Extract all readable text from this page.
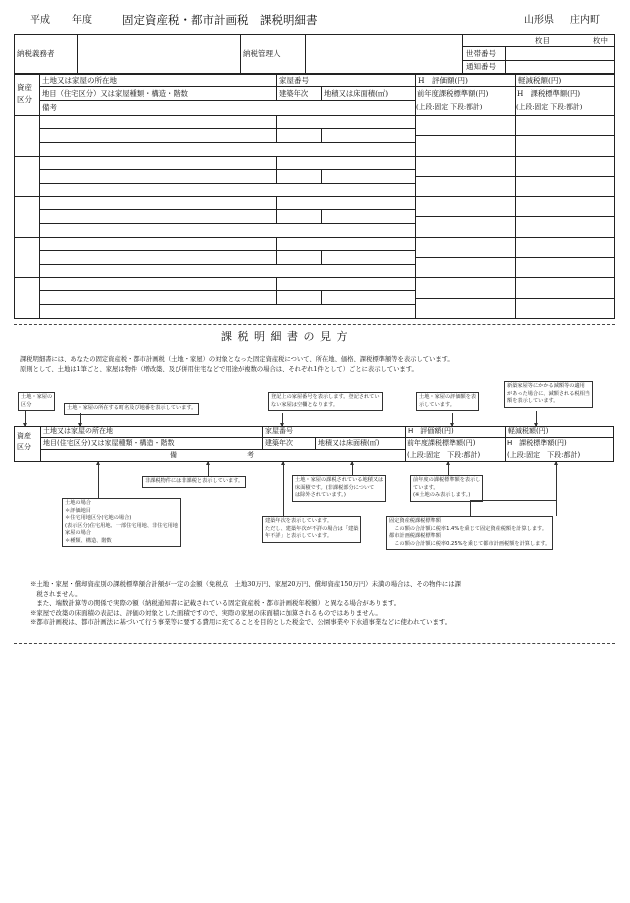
平成 年度	固定資産税・都市計画税　課税明細書	山形県 庄内町
枚目	枚中
納税義務者	納税管理人	世帯番号
通知番号
資産
区分
土地又は家屋の所在地	家屋番号	H　評価額(円)	軽減税額(円)
地目（住宅区分）又は家屋種類・構造・階数	建築年次 地積又は床面積(㎡)	前年度課税標準額(円)	H　課税標準額(円)
(上段:固定 下段:都計)	(上段:固定 下段:都計)
備考
課 税 明 細 書 の 見 方
課税明細書には、あなたの固定資産税・都市計画税（土地・家屋）の対象となった固定資産税について、所在地、価格、課税標準額等を表示しています。
原則として、土地は1筆ごと、家屋は物件（増改築、及び併用住宅などで用途が複数の場合は、それぞれ1件として）ごとに表示しています。
資産
区分
土地又は家屋の所在地	家屋番号	H　評価額(円)	軽減税額(円)
地目(住宅区分)又は家屋種類・構造・階数	建築年次	地積又は床面積(㎡)	前年度課税標準額(円)	H　課税標準額(円)
(上段:固定　下段:都計)	(上段:固定　下段:都計)
備　　　　　　　　　　考
土地・家屋の
区分
土地・家屋の所在する町名及び地番を表示しています。
登記上の家屋番号を表示します。登記されてい
ない家屋は空欄となります。
土地・家屋の評価額を表
示しています。
新築家屋等にかかる減額等の適用
があった場合に、減額される税相当
額を表示しています。
非課税物件には非課税と表示しています。	土地・家屋の課税されている地積又は
床面積です。(非課税部分について
は除外されています。)
前年度の課税標準額を表示し
ています。
(※土地のみ表示します。)
土地の場合
＊評価地目
＊住宅用地区分(宅地の場合)
(表示区分)住宅用地、一部住宅用地、非住宅用地
家屋の場合
＊種類、構造、階数
建築年次を表示しています。
ただし、建築年次が不詳の場合は「建築
年不詳」と表示しています。
固定資産税課税標準額
　この額の合計額に税率1.4%を乗じて固定資産税額を計算します。
都市計画税課税標準額
　この額の合計額に税率0.25%を乗じて都市計画税額を計算します。
※土地・家屋・償却資産別の課税標準額合計額が一定の金額（免税点　土地30万円、家屋20万円、償却資産150万円）未満の場合は、その物件には課
　税されません。
　また、端数計算等の関係で実際の額（納税通知書に記載されている固定資産税・都市計画税年税額）と異なる場合があります。
※家屋で改築の床面積の表記は、評価の対象とした面積ですので、実際の家屋の床面積に加算されるものではありません。
※都市計画税は、都市計画法に基づいて行う事業等に要する費用に充てることを目的とした税金で、公園事業や下水道事業などに使われています。
